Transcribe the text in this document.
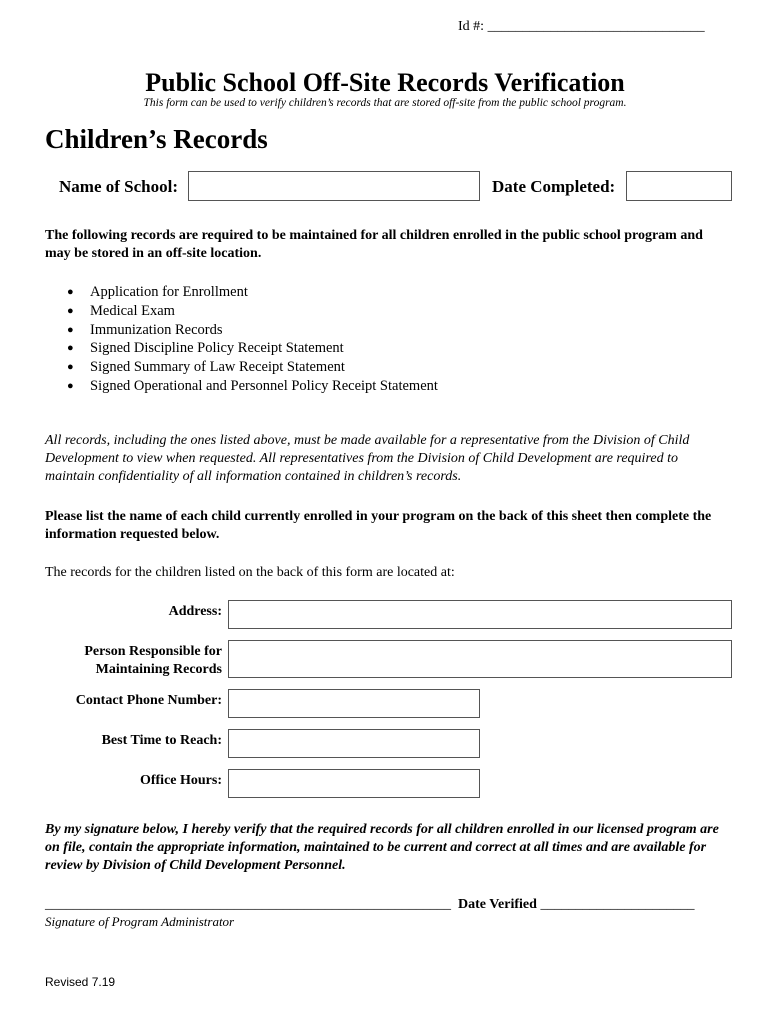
Id #: _______________________________
Public School Off-Site Records Verification
This form can be used to verify children’s records that are stored off-site from the public school program.
Children’s Records
Name of School:	Date Completed:
The following records are required to be maintained for all children enrolled in the public school program and may be stored in an off-site location.
● Application for Enrollment
● Medical Exam
● Immunization Records
● Signed Discipline Policy Receipt Statement
● Signed Summary of Law Receipt Statement
● Signed Operational and Personnel Policy Receipt Statement
All records, including the ones listed above, must be made available for a representative from the Division of Child Development to view when requested. All representatives from the Division of Child Development are required to maintain confidentiality of all information contained in children’s records.
Please list the name of each child currently enrolled in your program on the back of this sheet then complete the information requested below.
The records for the children listed on the back of this form are located at:
Address:
Person Responsible for
Maintaining Records
Contact Phone Number:
Best Time to Reach:
Office Hours:
By my signature below, I hereby verify that the required records for all children enrolled in our licensed program are on file, contain the appropriate information, maintained to be current and correct at all times and are available for review by Division of Child Development Personnel.
__________________________________________________________ Date Verified ______________________
Signature of Program Administrator
Revised 7.19
